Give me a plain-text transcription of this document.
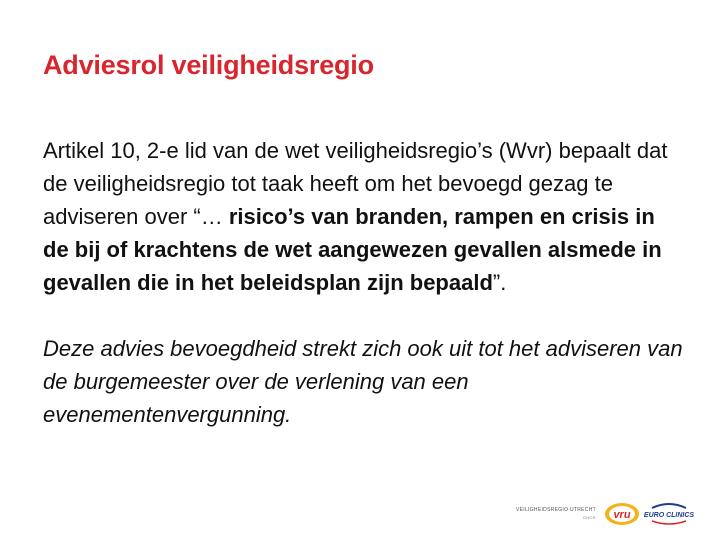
Adviesrol veiligheidsregio

Artikel 10, 2-e lid van de wet veiligheidsregio’s (Wvr) bepaalt dat de veiligheidsregio tot taak heeft om het bevoegd gezag te adviseren over “… risico’s van branden, rampen en crisis in de bij of krachtens de wet aangewezen gevallen alsmede in gevallen die in het beleidsplan zijn bepaald”.

Deze advies bevoegdheid strekt zich ook uit tot het adviseren van de burgemeester over de verlening van een evenementenvergunning.

VEILIGHEIDSREGIO UTRECHT
GHOR vru EURO CLINICS
